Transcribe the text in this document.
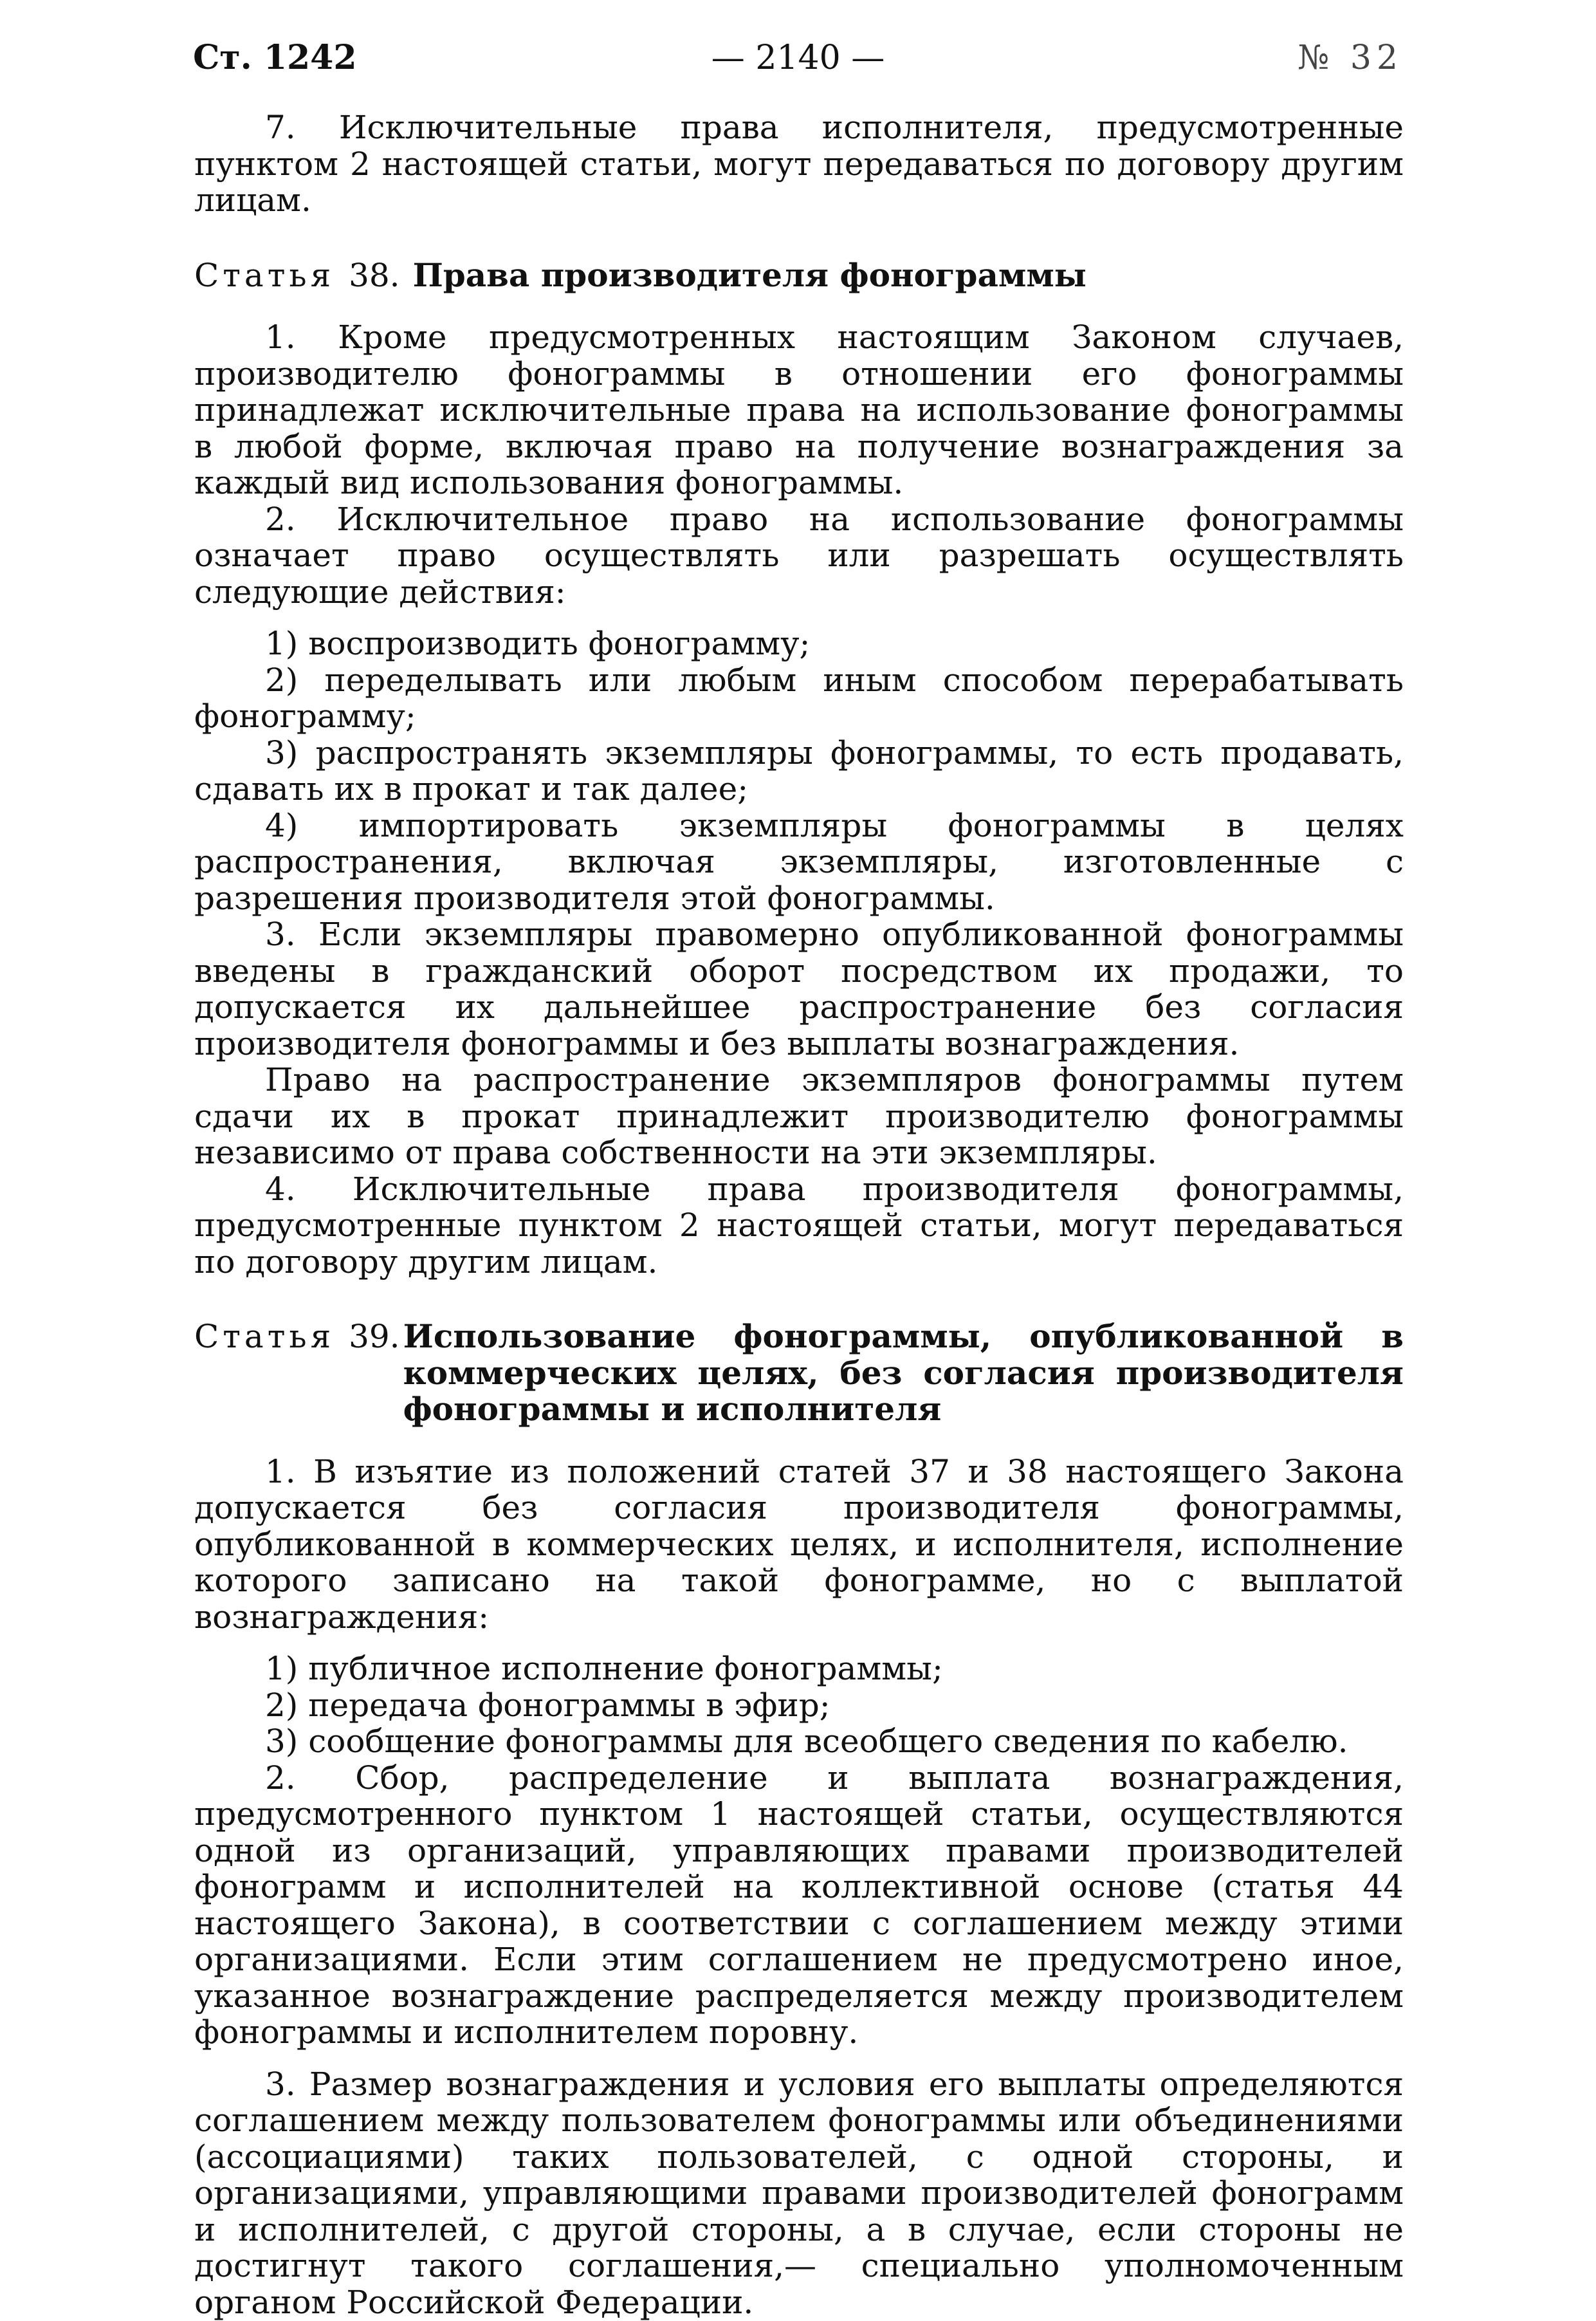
Ст. 1242	— 2140 —	№ 32

7. Исключительные права исполнителя, предусмотренные пунктом 2 настоящей статьи, могут передаваться по договору другим лицам.

Статья 38. Права производителя фонограммы

1. Кроме предусмотренных настоящим Законом случаев, производителю фонограммы в отношении его фонограммы принадлежат исключительные права на использование фонограммы в любой форме, включая право на получение вознаграждения за каждый вид использования фонограммы.

2. Исключительное право на использование фонограммы означает право осуществлять или разрешать осуществлять следующие действия:

1) воспроизводить фонограмму;

2) переделывать или любым иным способом перерабатывать фонограмму;

3) распространять экземпляры фонограммы, то есть продавать, сдавать их в прокат и так далее;

4) импортировать экземпляры фонограммы в целях распространения, включая экземпляры, изготовленные с разрешения производителя этой фонограммы.

3. Если экземпляры правомерно опубликованной фонограммы введены в гражданский оборот посредством их продажи, то допускается их дальнейшее распространение без согласия производителя фонограммы и без выплаты вознаграждения.

Право на распространение экземпляров фонограммы путем сдачи их в прокат принадлежит производителю фонограммы независимо от права собственности на эти экземпляры.

4. Исключительные права производителя фонограммы, предусмотренные пунктом 2 настоящей статьи, могут передаваться по договору другим лицам.

Статья 39. Использование фонограммы, опубликованной в коммерческих целях, без согласия производителя фонограммы и исполнителя

1. В изъятие из положений статей 37 и 38 настоящего Закона допускается без согласия производителя фонограммы, опубликованной в коммерческих целях, и исполнителя, исполнение которого записано на такой фонограмме, но с выплатой вознаграждения:

1) публичное исполнение фонограммы;

2) передача фонограммы в эфир;

3) сообщение фонограммы для всеобщего сведения по кабелю.

2. Сбор, распределение и выплата вознаграждения, предусмотренного пунктом 1 настоящей статьи, осуществляются одной из организаций, управляющих правами производителей фонограмм и исполнителей на коллективной основе (статья 44 настоящего Закона), в соответствии с соглашением между этими организациями. Если этим соглашением не предусмотрено иное, указанное вознаграждение распределяется между производителем фонограммы и исполнителем поровну.

3. Размер вознаграждения и условия его выплаты определяются соглашением между пользователем фонограммы или объединениями (ассоциациями) таких пользователей, с одной стороны, и организациями, управляющими правами производителей фонограмм и исполнителей, с другой стороны, а в случае, если стороны не достигнут такого соглашения,— специально уполномоченным органом Российской Федерации.
